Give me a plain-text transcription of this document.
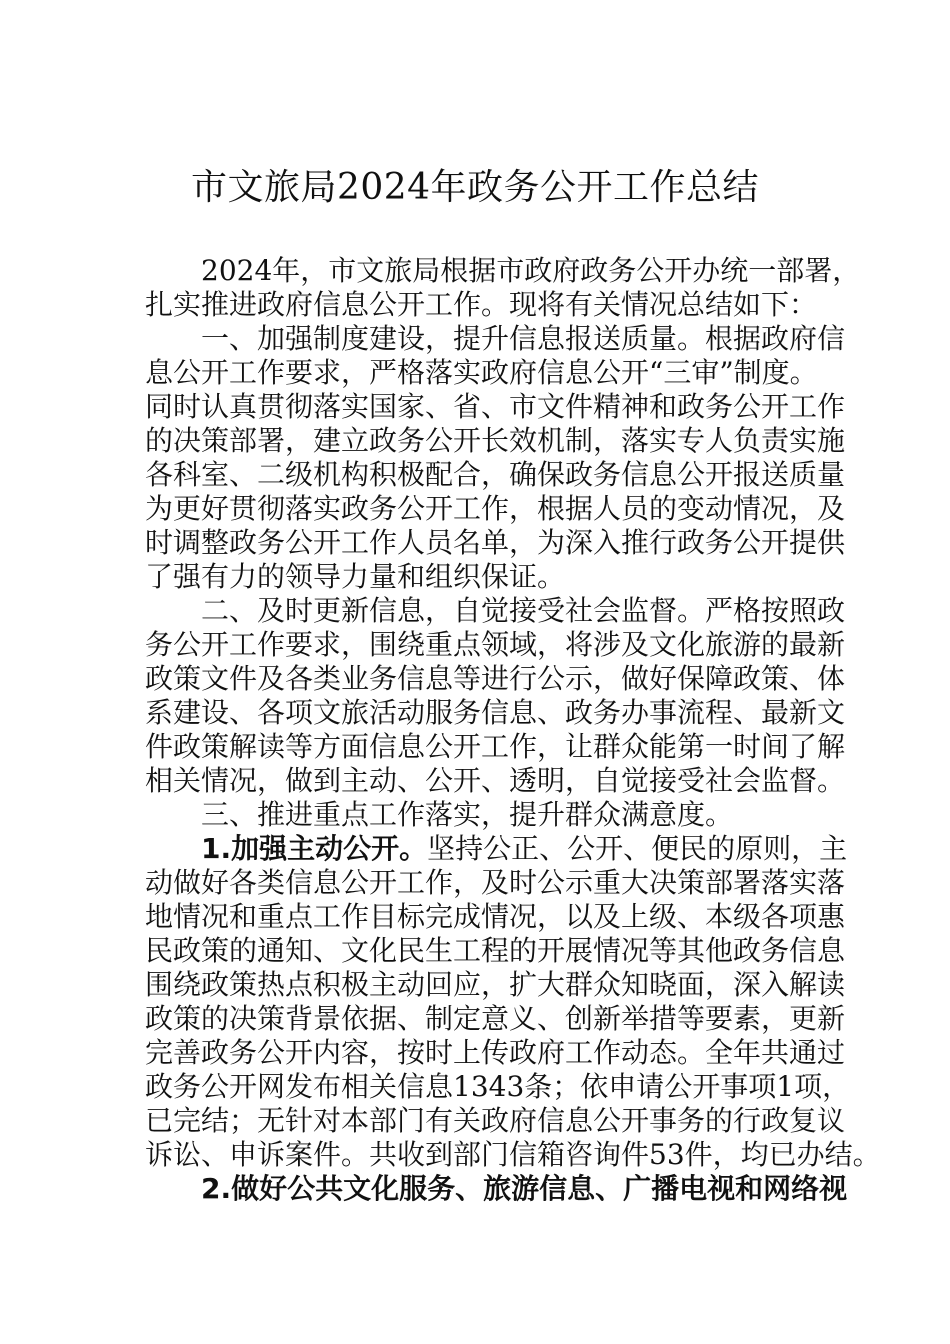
市文旅局2024年政务公开工作总结
2024年，市文旅局根据市政府政务公开办统一部署，
扎实推进政府信息公开工作。现将有关情况总结如下：
一、加强制度建设，提升信息报送质量。根据政府信
息公开工作要求，严格落实政府信息公开“三审”制度。
同时认真贯彻落实国家、省、市文件精神和政务公开工作
的决策部署，建立政务公开长效机制，落实专人负责实施
各科室、二级机构积极配合，确保政务信息公开报送质量
为更好贯彻落实政务公开工作，根据人员的变动情况，及
时调整政务公开工作人员名单，为深入推行政务公开提供
了强有力的领导力量和组织保证。
二、及时更新信息，自觉接受社会监督。严格按照政
务公开工作要求，围绕重点领域，将涉及文化旅游的最新
政策文件及各类业务信息等进行公示，做好保障政策、体
系建设、各项文旅活动服务信息、政务办事流程、最新文
件政策解读等方面信息公开工作，让群众能第一时间了解
相关情况，做到主动、公开、透明，自觉接受社会监督。
三、推进重点工作落实，提升群众满意度。
1.加强主动公开。坚持公正、公开、便民的原则，主
动做好各类信息公开工作，及时公示重大决策部署落实落
地情况和重点工作目标完成情况，以及上级、本级各项惠
民政策的通知、文化民生工程的开展情况等其他政务信息
围绕政策热点积极主动回应，扩大群众知晓面，深入解读
政策的决策背景依据、制定意义、创新举措等要素，更新
完善政务公开内容，按时上传政府工作动态。全年共通过
政务公开网发布相关信息1343条；依申请公开事项1项，
已完结；无针对本部门有关政府信息公开事务的行政复议
诉讼、申诉案件。共收到部门信箱咨询件53件，均已办结。
2.做好公共文化服务、旅游信息、广播电视和网络视
